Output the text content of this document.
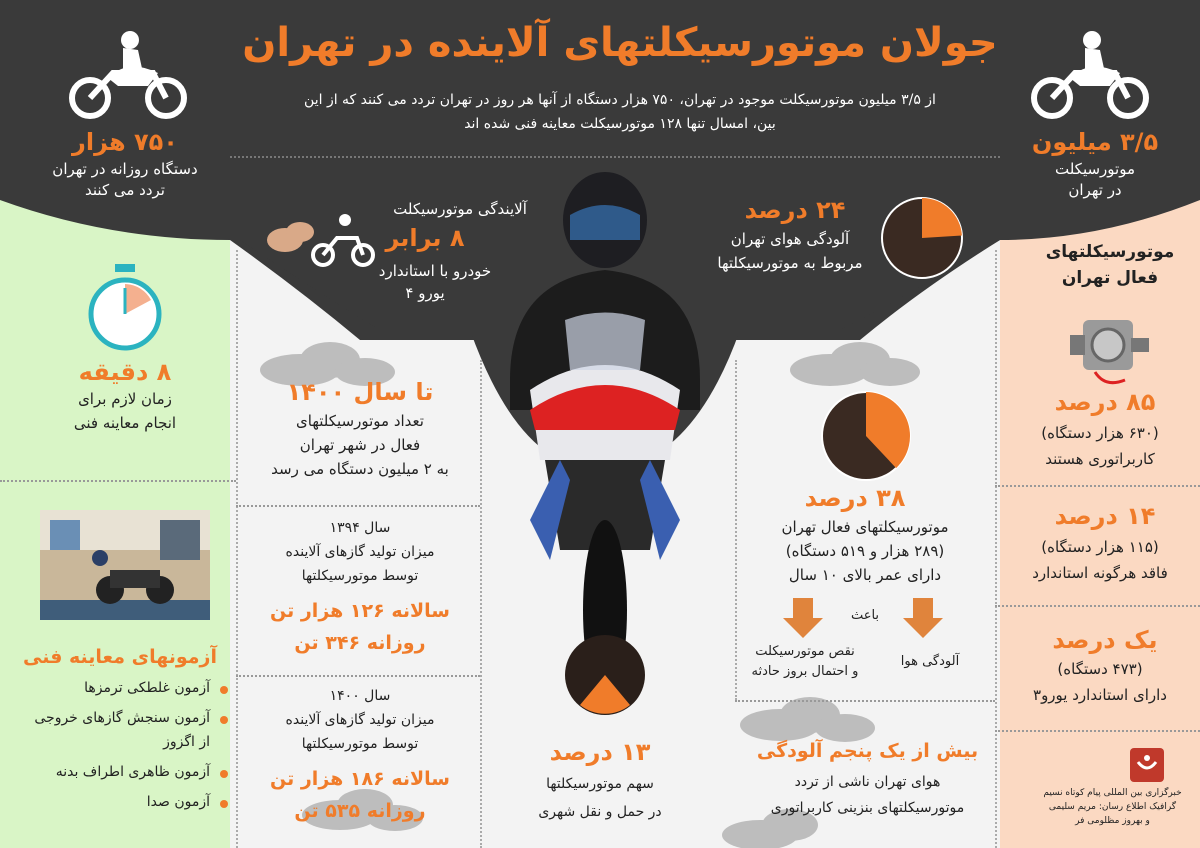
جولان موتورسیکلتهای آلاینده در تهران
از ۳/۵ میلیون موتورسیکلت موجود در تهران، ۷۵۰ هزار دستگاه از آنها هر روز در تهران تردد می کنند که از این
بین، امسال تنها ۱۲۸ موتورسیکلت معاینه فنی شده اند
۷۵۰ هزار
دستگاه روزانه در تهران
تردد می کنند
۳/۵ میلیون
موتورسیکلت
در تهران
آلایندگی موتورسیکلت
۸ برابر
خودرو با استاندارد
یورو ۴
۲۴ درصد
آلودگی هوای تهران
مربوط به موتورسیکلتها
۸ دقیقه
زمان لازم برای
انجام معاینه فنی
تا سال ۱۴۰۰
تعداد موتورسیکلتهای
فعال در شهر تهران
به ۲ میلیون دستگاه می رسد
سال ۱۳۹۴
میزان تولید گازهای آلاینده
توسط موتورسیکلتها
سالانه ۱۲۶ هزار تن
روزانه ۳۴۶ تن
سال ۱۴۰۰
میزان تولید گازهای آلاینده
توسط موتورسیکلتها
سالانه ۱۸۶ هزار تن
روزانه ۵۳۵ تن
آزمونهای معاینه فنی
آزمون غلطکی ترمزها
آزمون سنجش گازهای خروجی
از اگزوز
آزمون ظاهری اطراف بدنه
آزمون صدا
۱۳ درصد
سهم موتورسیکلتها
در حمل و نقل شهری
۳۸ درصد
موتورسیکلتهای فعال تهران
(۲۸۹ هزار و ۵۱۹ دستگاه)
دارای عمر بالای ۱۰ سال
باعث
نقص موتورسیکلت
و احتمال بروز حادثه
آلودگی هوا
بیش از یک پنجم آلودگی
هوای تهران ناشی از تردد
موتورسیکلتهای بنزینی کاربراتوری
موتورسیکلتهای
فعال تهران
۸۵ درصد
(۶۳۰ هزار دستگاه)
کاربراتوری هستند
۱۴ درصد
(۱۱۵ هزار دستگاه)
فاقد هرگونه استاندارد
یک درصد
(۴۷۳ دستگاه)
دارای استاندارد یورو۳
خبرگزاری بین المللی پیام کوتاه نسیم
گرافیک اطلاع رسان: مریم سلیمی
و بهروز مظلومی فر
